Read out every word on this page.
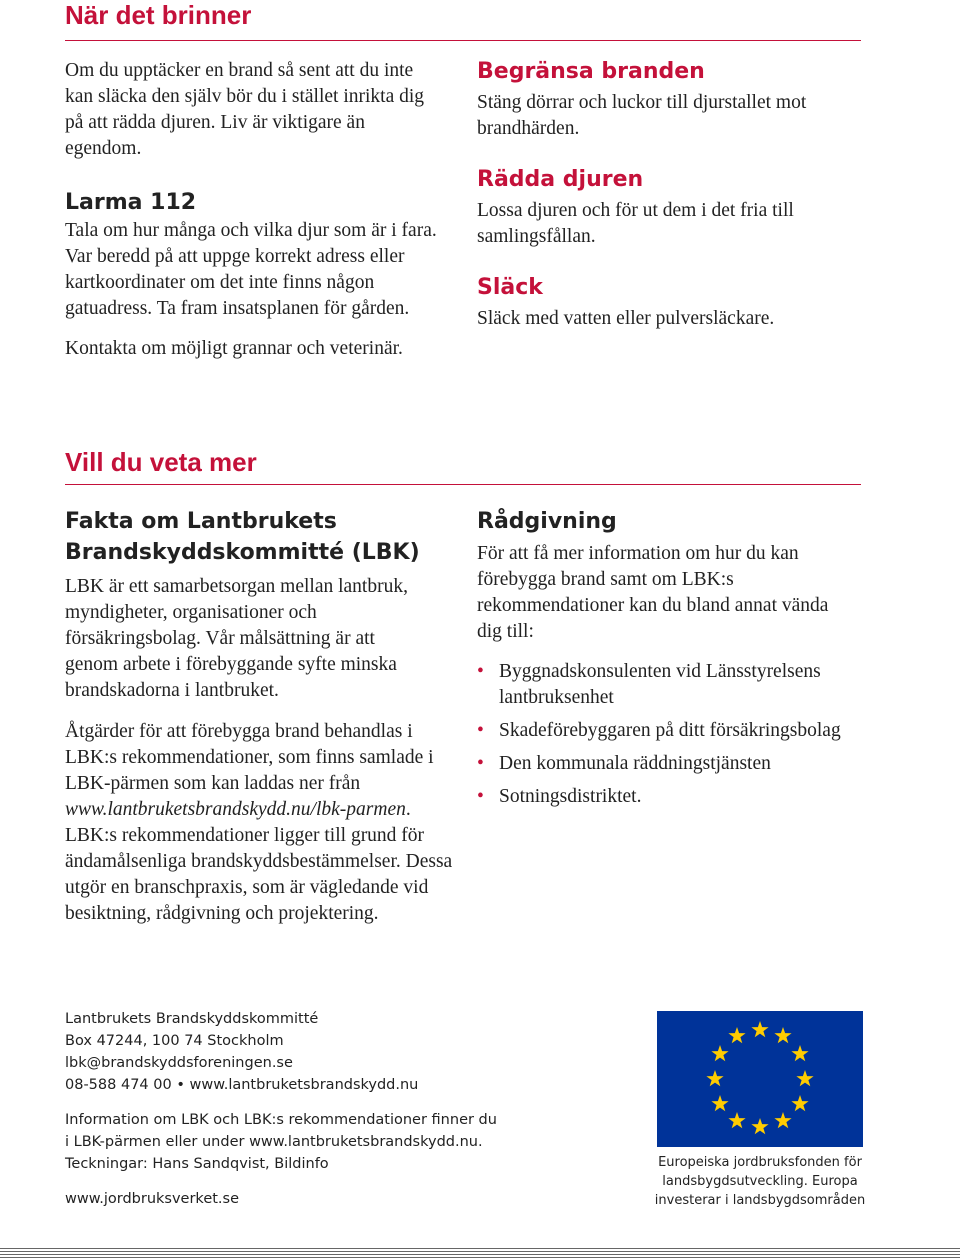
När det brinner

Om du upptäcker en brand så sent att du inte kan släcka den själv bör du i stället inrikta dig på att rädda djuren. Liv är viktigare än egendom.

Larma 112

Tala om hur många och vilka djur som är i fara. Var beredd på att uppge korrekt adress eller kartkoordinater om det inte finns någon gatuadress. Ta fram insatsplanen för gården.

Kontakta om möjligt grannar och veterinär.

Begränsa branden

Stäng dörrar och luckor till djurstallet mot brandhärden.

Rädda djuren

Lossa djuren och för ut dem i det fria till samlingsfållan.

Släck

Släck med vatten eller pulversläckare.

Vill du veta mer
Fakta om Lantbrukets Brandskyddskommitté (LBK)

LBK är ett samarbetsorgan mellan lantbruk, myndigheter, organisationer och försäkringsbolag. Vår målsättning är att genom arbete i förebyggande syfte minska brandskadorna i lantbruket.

Åtgärder för att förebygga brand behandlas i LBK:s rekommendationer, som finns samlade i LBK-pärmen som kan laddas ner från www.lantbruketsbrandskydd.nu/lbk-parmen. LBK:s rekommendationer ligger till grund för ändamålsenliga brandskyddsbestämmelser. Dessa utgör en branschpraxis, som är vägledande vid besiktning, rådgivning och projektering.

Rådgivning

För att få mer information om hur du kan förebygga brand samt om LBK:s rekommendationer kan du bland annat vända dig till:

• Byggnadskonsulenten vid Länsstyrelsens lantbruksenhet
• Skadeförebyggaren på ditt försäkringsbolag
• Den kommunala räddningstjänsten
• Sotningsdistriktet.

Lantbrukets Brandskyddskommitté

Box 47244, 100 74 Stockholm

lbk@brandskyddsforeningen.se

08-588 474 00 • www.lantbruketsbrandskydd.nu

Information om LBK och LBK:s rekommendationer finner du

i LBK-pärmen eller under www.lantbruketsbrandskydd.nu.

Teckningar: Hans Sandqvist, Bildinfo

www.jordbruksverket.se

Europeiska jordbruksfonden för landsbygdsutveckling. Europa investerar i landsbygdsområden
